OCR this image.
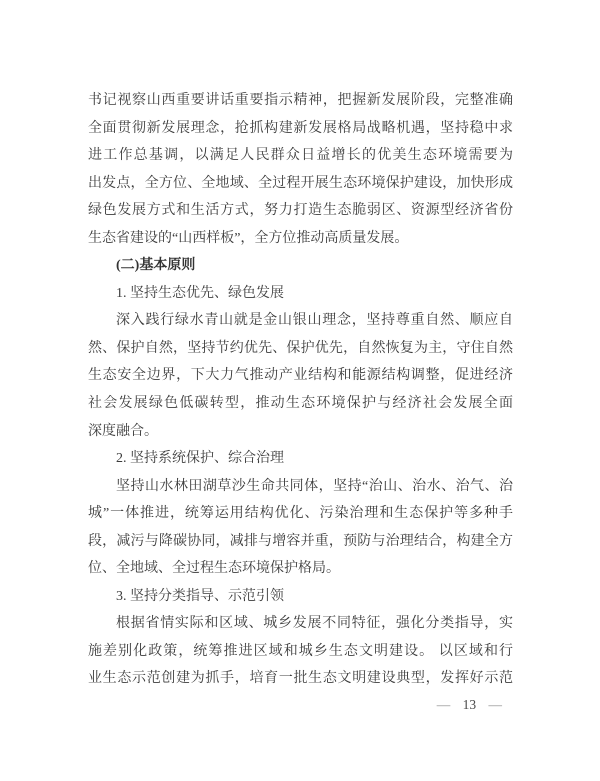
书记视察山西重要讲话重要指示精神，把握新发展阶段，完整准确
全面贯彻新发展理念，抢抓构建新发展格局战略机遇，坚持稳中求
进工作总基调，以满足人民群众日益增长的优美生态环境需要为
出发点，全方位、全地域、全过程开展生态环境保护建设，加快形成
绿色发展方式和生活方式，努力打造生态脆弱区、资源型经济省份
生态省建设的“山西样板”，全方位推动高质量发展。
(二)基本原则
1. 坚持生态优先、绿色发展
深入践行绿水青山就是金山银山理念，坚持尊重自然、顺应自
然、保护自然，坚持节约优先、保护优先，自然恢复为主，守住自然
生态安全边界，下大力气推动产业结构和能源结构调整，促进经济
社会发展绿色低碳转型，推动生态环境保护与经济社会发展全面
深度融合。
2. 坚持系统保护、综合治理
坚持山水林田湖草沙生命共同体，坚持“治山、治水、治气、治
城”一体推进，统筹运用结构优化、污染治理和生态保护等多种手
段，减污与降碳协同，减排与增容并重，预防与治理结合，构建全方
位、全地域、全过程生态环境保护格局。
3. 坚持分类指导、示范引领
根据省情实际和区域、城乡发展不同特征，强化分类指导，实
施差别化政策，统筹推进区域和城乡生态文明建设。 以区域和行
业生态示范创建为抓手，培育一批生态文明建设典型，发挥好示范
— 13 —
